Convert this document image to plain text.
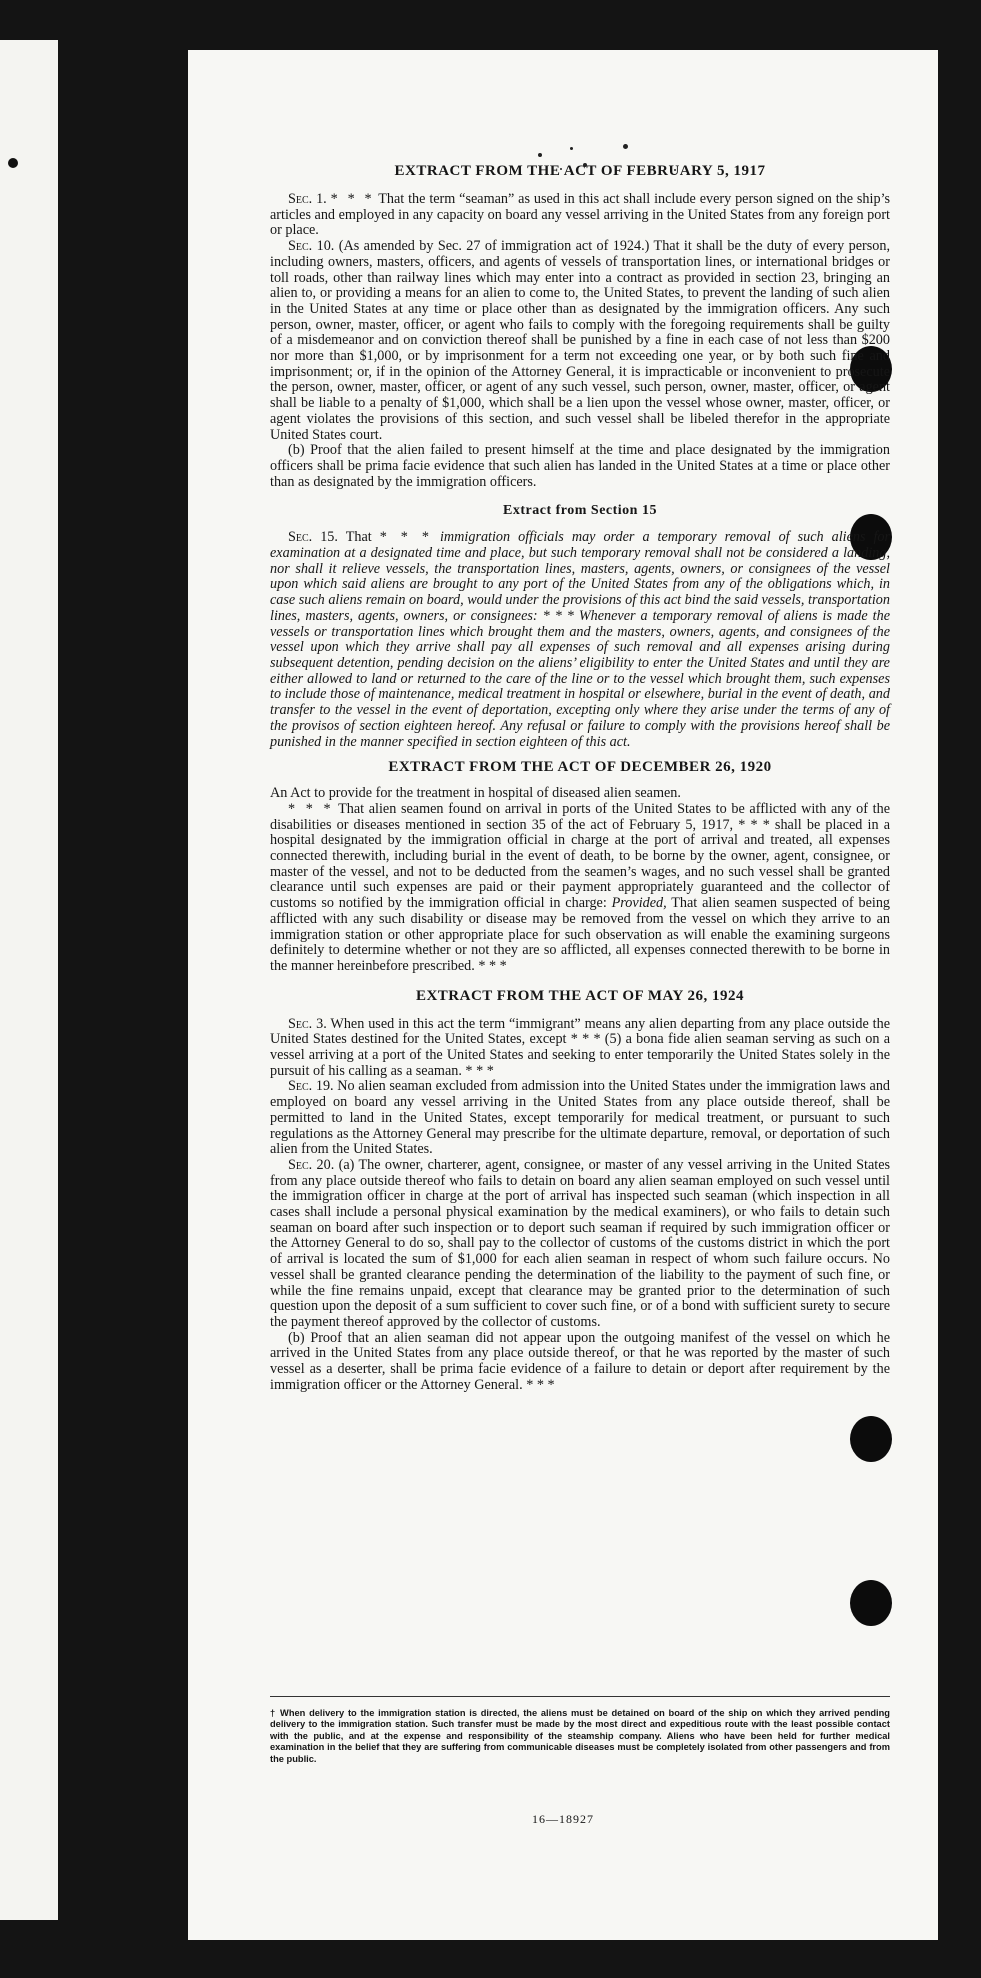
EXTRACT FROM THE ACT OF FEBRUARY 5, 1917

Sec. 1. * * * That the term “seaman” as used in this act shall include every person signed on the ship’s articles and employed in any capacity on board any vessel arriving in the United States from any foreign port or place.

Sec. 10. (As amended by Sec. 27 of immigration act of 1924.) That it shall be the duty of every person, including owners, masters, officers, and agents of vessels of transportation lines, or international bridges or toll roads, other than railway lines which may enter into a contract as provided in section 23, bringing an alien to, or providing a means for an alien to come to, the United States, to prevent the landing of such alien in the United States at any time or place other than as designated by the immigration officers. Any such person, owner, master, officer, or agent who fails to comply with the foregoing requirements shall be guilty of a misdemeanor and on conviction thereof shall be punished by a fine in each case of not less than $200 nor more than $1,000, or by imprisonment for a term not exceeding one year, or by both such fine and imprisonment; or, if in the opinion of the Attorney General, it is impracticable or inconvenient to prosecute the person, owner, master, officer, or agent of any such vessel, such person, owner, master, officer, or agent shall be liable to a penalty of $1,000, which shall be a lien upon the vessel whose owner, master, officer, or agent violates the provisions of this section, and such vessel shall be libeled therefor in the appropriate United States court.

(b) Proof that the alien failed to present himself at the time and place designated by the immigration officers shall be prima facie evidence that such alien has landed in the United States at a time or place other than as designated by the immigration officers.

Extract from Section 15

Sec. 15. That * * * immigration officials may order a temporary removal of such aliens for examination at a designated time and place, but such temporary removal shall not be considered a landing, nor shall it relieve vessels, the transportation lines, masters, agents, owners, or consignees of the vessel upon which said aliens are brought to any port of the United States from any of the obligations which, in case such aliens remain on board, would under the provisions of this act bind the said vessels, transportation lines, masters, agents, owners, or consignees: * * * Whenever a temporary removal of aliens is made the vessels or transportation lines which brought them and the masters, owners, agents, and consignees of the vessel upon which they arrive shall pay all expenses of such removal and all expenses arising during subsequent detention, pending decision on the aliens’ eligibility to enter the United States and until they are either allowed to land or returned to the care of the line or to the vessel which brought them, such expenses to include those of maintenance, medical treatment in hospital or elsewhere, burial in the event of death, and transfer to the vessel in the event of deportation, excepting only where they arise under the terms of any of the provisos of section eighteen hereof. Any refusal or failure to comply with the provisions hereof shall be punished in the manner specified in section eighteen of this act.

EXTRACT FROM THE ACT OF DECEMBER 26, 1920

An Act to provide for the treatment in hospital of diseased alien seamen.

* * * That alien seamen found on arrival in ports of the United States to be afflicted with any of the disabilities or diseases mentioned in section 35 of the act of February 5, 1917, * * * shall be placed in a hospital designated by the immigration official in charge at the port of arrival and treated, all expenses connected therewith, including burial in the event of death, to be borne by the owner, agent, consignee, or master of the vessel, and not to be deducted from the seamen’s wages, and no such vessel shall be granted clearance until such expenses are paid or their payment appropriately guaranteed and the collector of customs so notified by the immigration official in charge: Provided, That alien seamen suspected of being afflicted with any such disability or disease may be removed from the vessel on which they arrive to an immigration station or other appropriate place for such observation as will enable the examining surgeons definitely to determine whether or not they are so afflicted, all expenses connected therewith to be borne in the manner hereinbefore prescribed. * * *

EXTRACT FROM THE ACT OF MAY 26, 1924

Sec. 3. When used in this act the term “immigrant” means any alien departing from any place outside the United States destined for the United States, except * * * (5) a bona fide alien seaman serving as such on a vessel arriving at a port of the United States and seeking to enter temporarily the United States solely in the pursuit of his calling as a seaman. * * *

Sec. 19. No alien seaman excluded from admission into the United States under the immigration laws and employed on board any vessel arriving in the United States from any place outside thereof, shall be permitted to land in the United States, except temporarily for medical treatment, or pursuant to such regulations as the Attorney General may prescribe for the ultimate departure, removal, or deportation of such alien from the United States.

Sec. 20. (a) The owner, charterer, agent, consignee, or master of any vessel arriving in the United States from any place outside thereof who fails to detain on board any alien seaman employed on such vessel until the immigration officer in charge at the port of arrival has inspected such seaman (which inspection in all cases shall include a personal physical examination by the medical examiners), or who fails to detain such seaman on board after such inspection or to deport such seaman if required by such immigration officer or the Attorney General to do so, shall pay to the collector of customs of the customs district in which the port of arrival is located the sum of $1,000 for each alien seaman in respect of whom such failure occurs. No vessel shall be granted clearance pending the determination of the liability to the payment of such fine, or while the fine remains unpaid, except that clearance may be granted prior to the determination of such question upon the deposit of a sum sufficient to cover such fine, or of a bond with sufficient surety to secure the payment thereof approved by the collector of customs.

(b) Proof that an alien seaman did not appear upon the outgoing manifest of the vessel on which he arrived in the United States from any place outside thereof, or that he was reported by the master of such vessel as a deserter, shall be prima facie evidence of a failure to detain or deport after requirement by the immigration officer or the Attorney General. * * *

† When delivery to the immigration station is directed, the aliens must be detained on board of the ship on which they arrived pending delivery to the immigration station. Such transfer must be made by the most direct and expeditious route with the least possible contact with the public, and at the expense and responsibility of the steamship company. Aliens who have been held for further medical examination in the belief that they are suffering from communicable diseases must be completely isolated from other passengers and from the public.
16—18927
